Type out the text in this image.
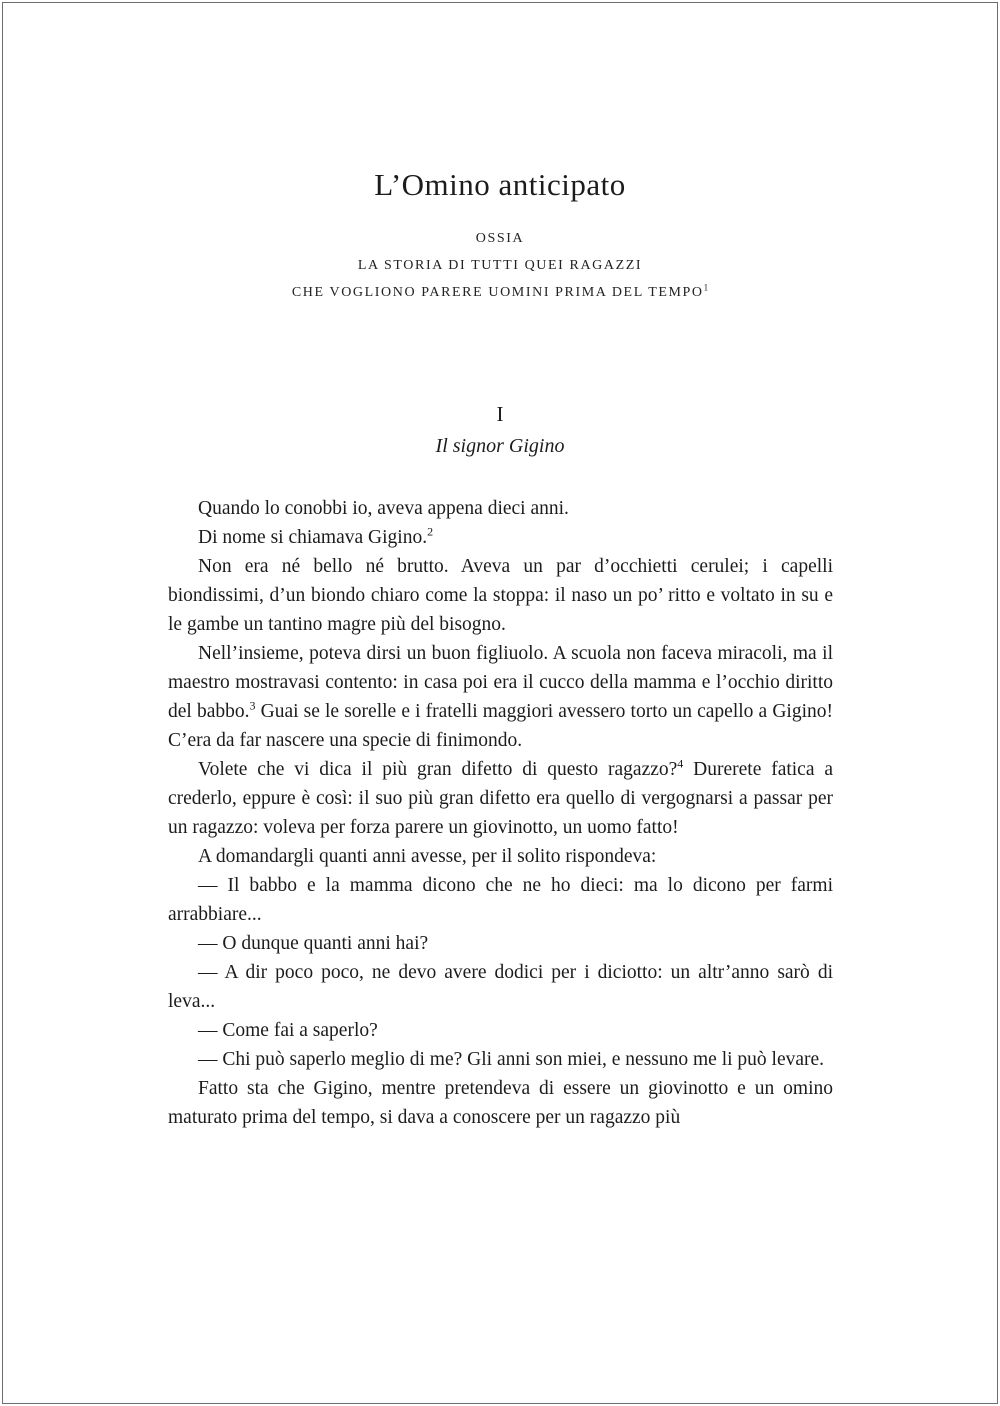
L’Omino anticipato
OSSIA
LA STORIA DI TUTTI QUEI RAGAZZI
CHE VOGLIONO PARERE UOMINI PRIMA DEL TEMPO$^1$
I
Il signor Gigino

Quando lo conobbi io, aveva appena dieci anni.

Di nome si chiamava Gigino.$^2$

Non era né bello né brutto. Aveva un par d’occhietti cerulei; i capelli biondissimi, d’un biondo chiaro come la stoppa: il naso un po’ ritto e voltato in su e le gambe un tantino magre più del bisogno.

Nell’insieme, poteva dirsi un buon figliuolo. A scuola non faceva miracoli, ma il maestro mostravasi contento: in casa poi era il cucco della mamma e l’occhio diritto del babbo.$^3$ Guai se le sorelle e i fratelli maggiori avessero torto un capello a Gigino! C’era da far nascere una specie di finimondo.

Volete che vi dica il più gran difetto di questo ragazzo?$^4$ Durerete fatica a crederlo, eppure è così: il suo più gran difetto era quello di vergognarsi a passar per un ragazzo: voleva per forza parere un giovinotto, un uomo fatto!

A domandargli quanti anni avesse, per il solito rispondeva:

— Il babbo e la mamma dicono che ne ho dieci: ma lo dicono per farmi arrabbiare...

— O dunque quanti anni hai?

— A dir poco poco, ne devo avere dodici per i diciotto: un altr’anno sarò di leva...

— Come fai a saperlo?

— Chi può saperlo meglio di me? Gli anni son miei, e nessuno me li può levare.

Fatto sta che Gigino, mentre pretendeva di essere un giovinotto e un omino maturato prima del tempo, si dava a conoscere per un ragazzo più
